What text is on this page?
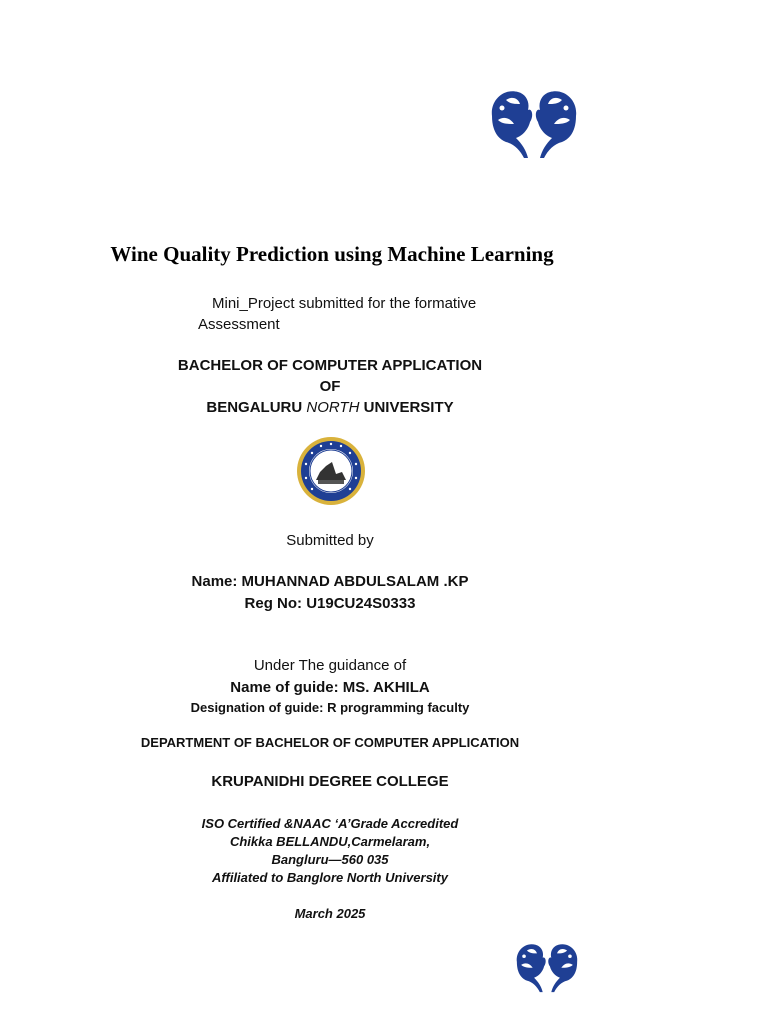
Wine Quality Prediction using Machine Learning
Mini_Project submitted for the formative
Assessment
BACHELOR OF COMPUTER APPLICATION
OF
BENGALURU NORTH UNIVERSITY
Submitted by
Name: MUHANNAD ABDULSALAM .KP
Reg No: U19CU24S0333
Under The guidance of
Name of guide: MS. AKHILA
Designation of guide: R programming faculty
DEPARTMENT OF BACHELOR OF COMPUTER APPLICATION
KRUPANIDHI DEGREE COLLEGE
ISO Certified &NAAC ‘A’Grade Accredited
Chikka BELLANDU,Carmelaram,
Bangluru—560 035
Affiliated to Banglore North University
March 2025
